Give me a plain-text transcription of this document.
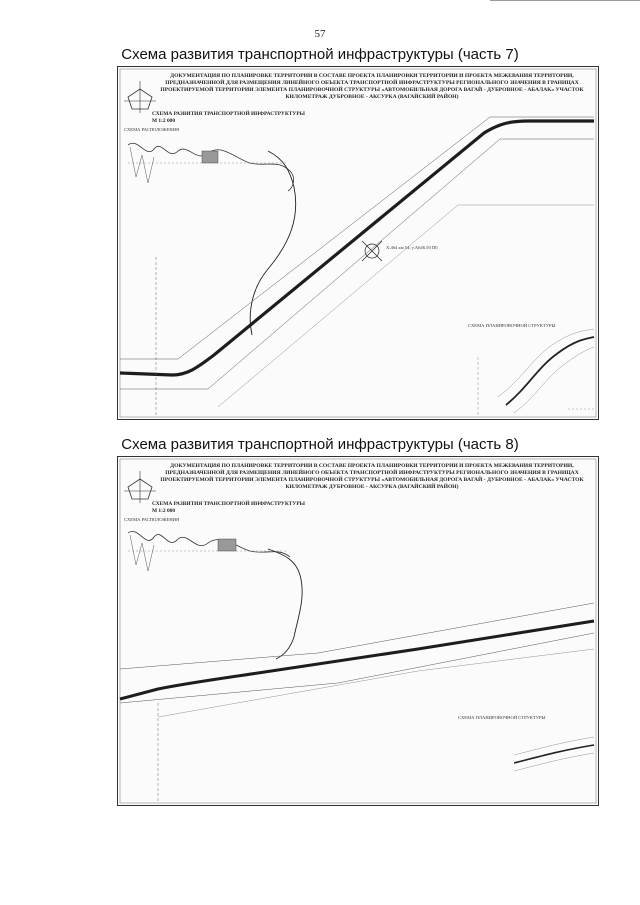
57
Схема развития транспортной инфраструктуры (часть 7)
ДОКУМЕНТАЦИЯ ПО ПЛАНИРОВКЕ ТЕРРИТОРИИ В СОСТАВЕ ПРОЕКТА ПЛАНИРОВКИ ТЕРРИТОРИИ И ПРОЕКТА МЕЖЕВАНИЯ ТЕРРИТОРИИ, ПРЕДНАЗНАЧЕННОЙ ДЛЯ РАЗМЕЩЕНИЯ ЛИНЕЙНОГО ОБЪЕКТА ТРАНСПОРТНОЙ ИНФРАСТРУКТУРЫ РЕГИОНАЛЬНОГО ЗНАЧЕНИЯ В ГРАНИЦАХ ПРОЕКТИРУЕМОЙ ТЕРРИТОРИИ ЭЛЕМЕНТА ПЛАНИРОВОЧНОЙ СТРУКТУРЫ «АВТОМОБИЛЬНАЯ ДОРОГА ВАГАЙ - ДУБРОВНОЕ - АБАЛАК» УЧАСТОК КИЛОМЕТРАЖ ДУБРОВНОЕ - АКСУРКА (ВАГАЙСКИЙ РАЙОН)
СХЕМА РАЗВИТИЯ ТРАНСПОРТНОЙ ИНФРАСТРУКТУРЫ
М 1:2 000
СХЕМА РАСПОЛОЖЕНИЯ
Х.464 км 54; у.А646.50 П0
СХЕМА ПЛАНИРОВОЧНОЙ СТРУКТУРЫ
Схема развития транспортной инфраструктуры (часть 8)
ДОКУМЕНТАЦИЯ ПО ПЛАНИРОВКЕ ТЕРРИТОРИИ В СОСТАВЕ ПРОЕКТА ПЛАНИРОВКИ ТЕРРИТОРИИ И ПРОЕКТА МЕЖЕВАНИЯ ТЕРРИТОРИИ, ПРЕДНАЗНАЧЕННОЙ ДЛЯ РАЗМЕЩЕНИЯ ЛИНЕЙНОГО ОБЪЕКТА ТРАНСПОРТНОЙ ИНФРАСТРУКТУРЫ РЕГИОНАЛЬНОГО ЗНАЧЕНИЯ В ГРАНИЦАХ ПРОЕКТИРУЕМОЙ ТЕРРИТОРИИ ЭЛЕМЕНТА ПЛАНИРОВОЧНОЙ СТРУКТУРЫ «АВТОМОБИЛЬНАЯ ДОРОГА ВАГАЙ - ДУБРОВНОЕ - АБАЛАК» УЧАСТОК КИЛОМЕТРАЖ ДУБРОВНОЕ - АКСУРКА (ВАГАЙСКИЙ РАЙОН)
СХЕМА РАЗВИТИЯ ТРАНСПОРТНОЙ ИНФРАСТРУКТУРЫ
М 1:2 000
СХЕМА РАСПОЛОЖЕНИЯ
СХЕМА ПЛАНИРОВОЧНОЙ СТРУКТУРЫ
